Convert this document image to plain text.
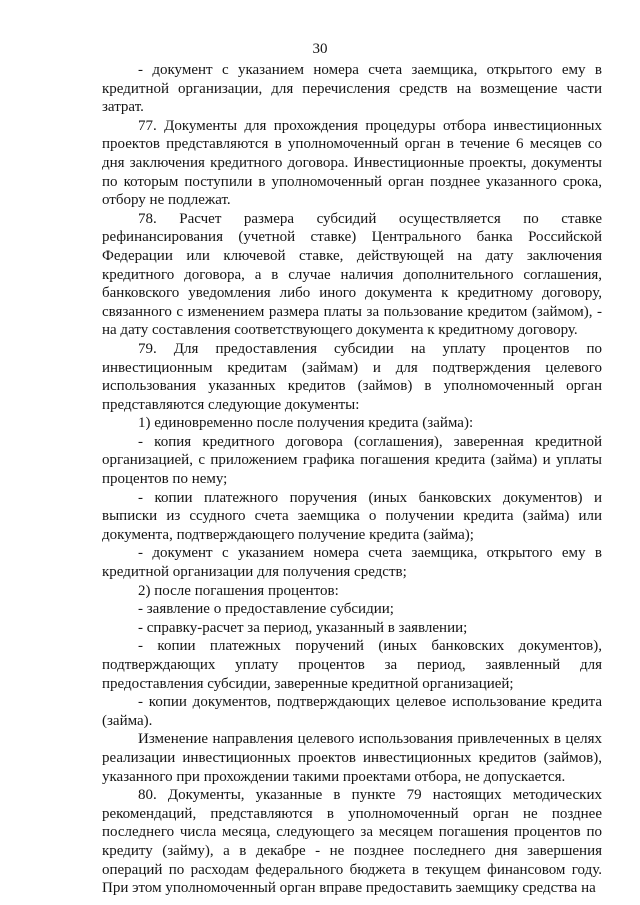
30

- документ с указанием номера счета заемщика, открытого ему в кредитной организации, для перечисления средств на возмещение части затрат.

77. Документы для прохождения процедуры отбора инвестиционных проектов представляются в уполномоченный орган в течение 6 месяцев со дня заключения кредитного договора. Инвестиционные проекты, документы по которым поступили в уполномоченный орган позднее указанного срока, отбору не подлежат.

78. Расчет размера субсидий осуществляется по ставке рефинансирования (учетной ставке) Центрального банка Российской Федерации или ключевой ставке, действующей на дату заключения кредитного договора, а в случае наличия дополнительного соглашения, банковского уведомления либо иного документа к кредитному договору, связанного с изменением размера платы за пользование кредитом (займом), - на дату составления соответствующего документа к кредитному договору.

79. Для предоставления субсидии на уплату процентов по инвестиционным кредитам (займам) и для подтверждения целевого использования указанных кредитов (займов) в уполномоченный орган представляются следующие документы:

1) единовременно после получения кредита (займа):

- копия кредитного договора (соглашения), заверенная кредитной организацией, с приложением графика погашения кредита (займа) и уплаты процентов по нему;

- копии платежного поручения (иных банковских документов) и выписки из ссудного счета заемщика о получении кредита (займа) или документа, подтверждающего получение кредита (займа);

- документ с указанием номера счета заемщика, открытого ему в кредитной организации для получения средств;

2) после погашения процентов:

- заявление о предоставление субсидии;

- справку-расчет за период, указанный в заявлении;

- копии платежных поручений (иных банковских документов), подтверждающих уплату процентов за период, заявленный для предоставления субсидии, заверенные кредитной организацией;

- копии документов, подтверждающих целевое использование кредита (займа).

Изменение направления целевого использования привлеченных в целях реализации инвестиционных проектов инвестиционных кредитов (займов), указанного при прохождении такими проектами отбора, не допускается.

80. Документы, указанные в пункте 79 настоящих методических рекомендаций, представляются в уполномоченный орган не позднее последнего числа месяца, следующего за месяцем погашения процентов по кредиту (займу), а в декабре - не позднее последнего дня завершения операций по расходам федерального бюджета в текущем финансовом году. При этом уполномоченный орган вправе предоставить заемщику средства на
